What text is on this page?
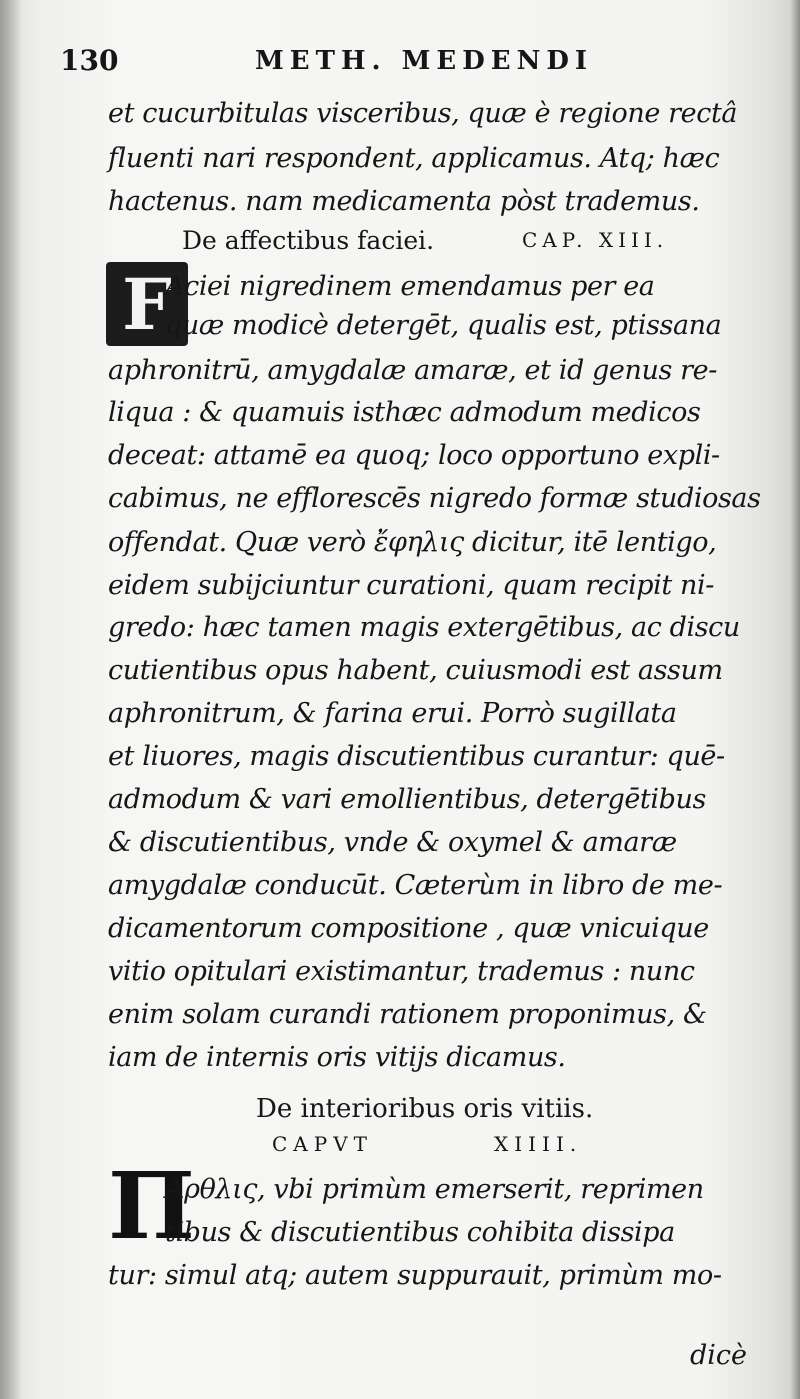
130	METH. MEDENDI
et cucurbitulas visceribus, quæ è regione rectâ
fluenti nari respondent, applicamus. Atq; hæc
hactenus. nam medicamenta pòst trademus.
De affectibus faciei.	CAP. XIII.
F
Aciei nigredinem emendamus per ea
quæ modicè detergēt, qualis est, ptissana
aphronitrū, amygdalæ amaræ, et id genus re-
liqua : & quamuis isthæc admodum medicos
deceat: attamē ea quoq; loco opportuno expli-
cabimus, ne efflorescēs nigredo formæ studiosas
offendat. Quæ verò ἔφηλις dicitur, itē lentigo,
eidem subijciuntur curationi, quam recipit ni-
gredo: hæc tamen magis extergētibus, ac discu
cutientibus opus habent, cuiusmodi est assum
aphronitrum, & farina erui. Porrò sugillata
et liuores, magis discutientibus curantur: quē-
admodum & vari emollientibus, detergētibus
& discutientibus, vnde & oxymel & amaræ
amygdalæ conducūt. Cæterùm in libro de me-
dicamentorum compositione , quæ vnicuique
vitio opitulari existimantur, trademus : nunc
enim solam curandi rationem proponimus, &
iam de internis oris vitijs dicamus.
De interioribus oris vitiis.
CAPVT	XIIII.
Π
Αρθλις, vbi primùm emerserit, reprimen
tibus & discutientibus cohibita dissipa
tur: simul atq; autem suppurauit, primùm mo-
dicè
